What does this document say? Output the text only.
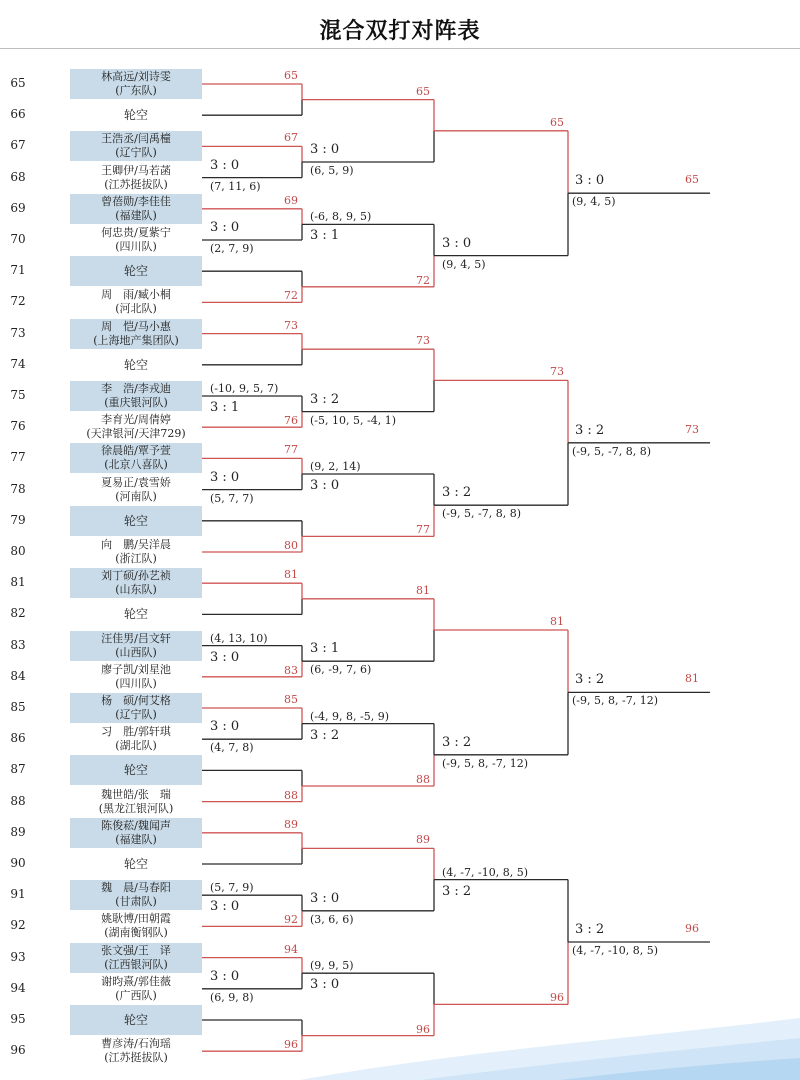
混合双打对阵表
65	林高远/刘诗雯
(广东队)
66	轮空
67	王浩丞/闫禹橦
(辽宁队)
68	王卿伊/马若菡
(江苏挺拔队)
69	曾蓓勋/李佳佳
(福建队)
70	何忠贵/夏紫宁
(四川队)
71	轮空
72	周　雨/臧小桐
(河北队)
73	周　恺/马小惠
(上海地产集团队)
74	轮空
75	李　浩/李戎迪
(重庆银河队)
76	李育光/周倩婷
(天津银河/天津729)
77	徐晨皓/覃予萱
(北京八喜队)
78	夏易正/袁雪娇
(河南队)
79	轮空
80	向　鹏/吴洋晨
(浙江队)
81	刘丁硕/孙艺祯
(山东队)
82	轮空
83	汪佳男/吕文轩
(山西队)
84	廖子凯/刘星池
(四川队)
85	杨　硕/何艾格
(辽宁队)
86	习　胜/郭轩琪
(湖北队)
87	轮空
88	魏世皓/张　瑞
(黑龙江银河队)
89	陈俊菘/魏闻声
(福建队)
90	轮空
91	魏　晨/马春阳
(甘肃队)
92	姚耿博/田朝霞
(湖南衡钢队)
93	张文强/王　译
(江西银河队)
94	谢昀熹/郭佳薇
(广西队)
95	轮空
96	曹彦涛/石洵瑶
(江苏挺拔队)
65
67
3 : 0
(7, 11, 6)
69
3 : 0
(2, 7, 9)
72
73
76
(-10, 9, 5, 7)
3 : 1
77
3 : 0
(5, 7, 7)
80
81
83
(4, 13, 10)
3 : 0
85
3 : 0
(4, 7, 8)
88
89
92
(5, 7, 9)
3 : 0
94
3 : 0
(6, 9, 8)
96
65
3 : 0
(6, 5, 9)
72
(-6, 8, 9, 5)
3 : 1
73
3 : 2
(-5, 10, 5, -4, 1)
77
(9, 2, 14)
3 : 0
81
3 : 1
(6, -9, 7, 6)
88
(-4, 9, 8, -5, 9)
3 : 2
89
3 : 0
(3, 6, 6)
96
(9, 9, 5)
3 : 0
65
3 : 0
(9, 4, 5)
73
3 : 2
(-9, 5, -7, 8, 8)
81
3 : 2
(-9, 5, 8, -7, 12)
96
(4, -7, -10, 8, 5)
3 : 2
3 : 0
(9, 4, 5)
65
3 : 2
(-9, 5, -7, 8, 8)
73
3 : 2
(-9, 5, 8, -7, 12)
81
3 : 2
(4, -7, -10, 8, 5)
96
